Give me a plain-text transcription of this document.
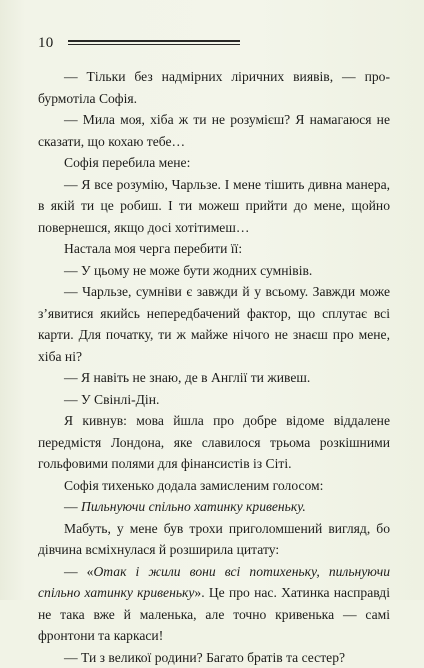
10

— Тільки без надмірних ліричних виявів, — пробурмотіла Софія.

— Мила моя, хіба ж ти не розумієш? Я намагаюся не сказати, що кохаю тебе…

Софія перебила мене:

— Я все розумію, Чарльзе. І мене тішить дивна манера, в якій ти це робиш. І ти можеш прийти до мене, щойно повернешся, якщо досі хотітимеш…

Настала моя черга перебити її:

— У цьому не може бути жодних сумнівів.

— Чарльзе, сумніви є завжди й у всьому. Завжди може з’явитися якийсь непередбачений фактор, що сплутає всі карти. Для початку, ти ж майже нічого не знаєш про мене, хіба ні?

— Я навіть не знаю, де в Англії ти живеш.

— У Свінлі-Дін.

Я кивнув: мова йшла про добре відоме віддалене передмістя Лондона, яке славилося трьома розкішними гольфовими полями для фінансистів із Сіті.

Софія тихенько додала замисленим голосом:

— Пильнуючи спільно хатинку кривеньку.

Мабуть, у мене був трохи приголомшений вигляд, бо дівчина всміхнулася й розширила цитату:

— «Отак і жили вони всі потихеньку, пильнуючи спільно хатинку кривеньку». Це про нас. Хатинка насправді не така вже й маленька, але точно кривенька — самі фронтони та каркаси!

— Ти з великої родини? Багато братів та сестер?
